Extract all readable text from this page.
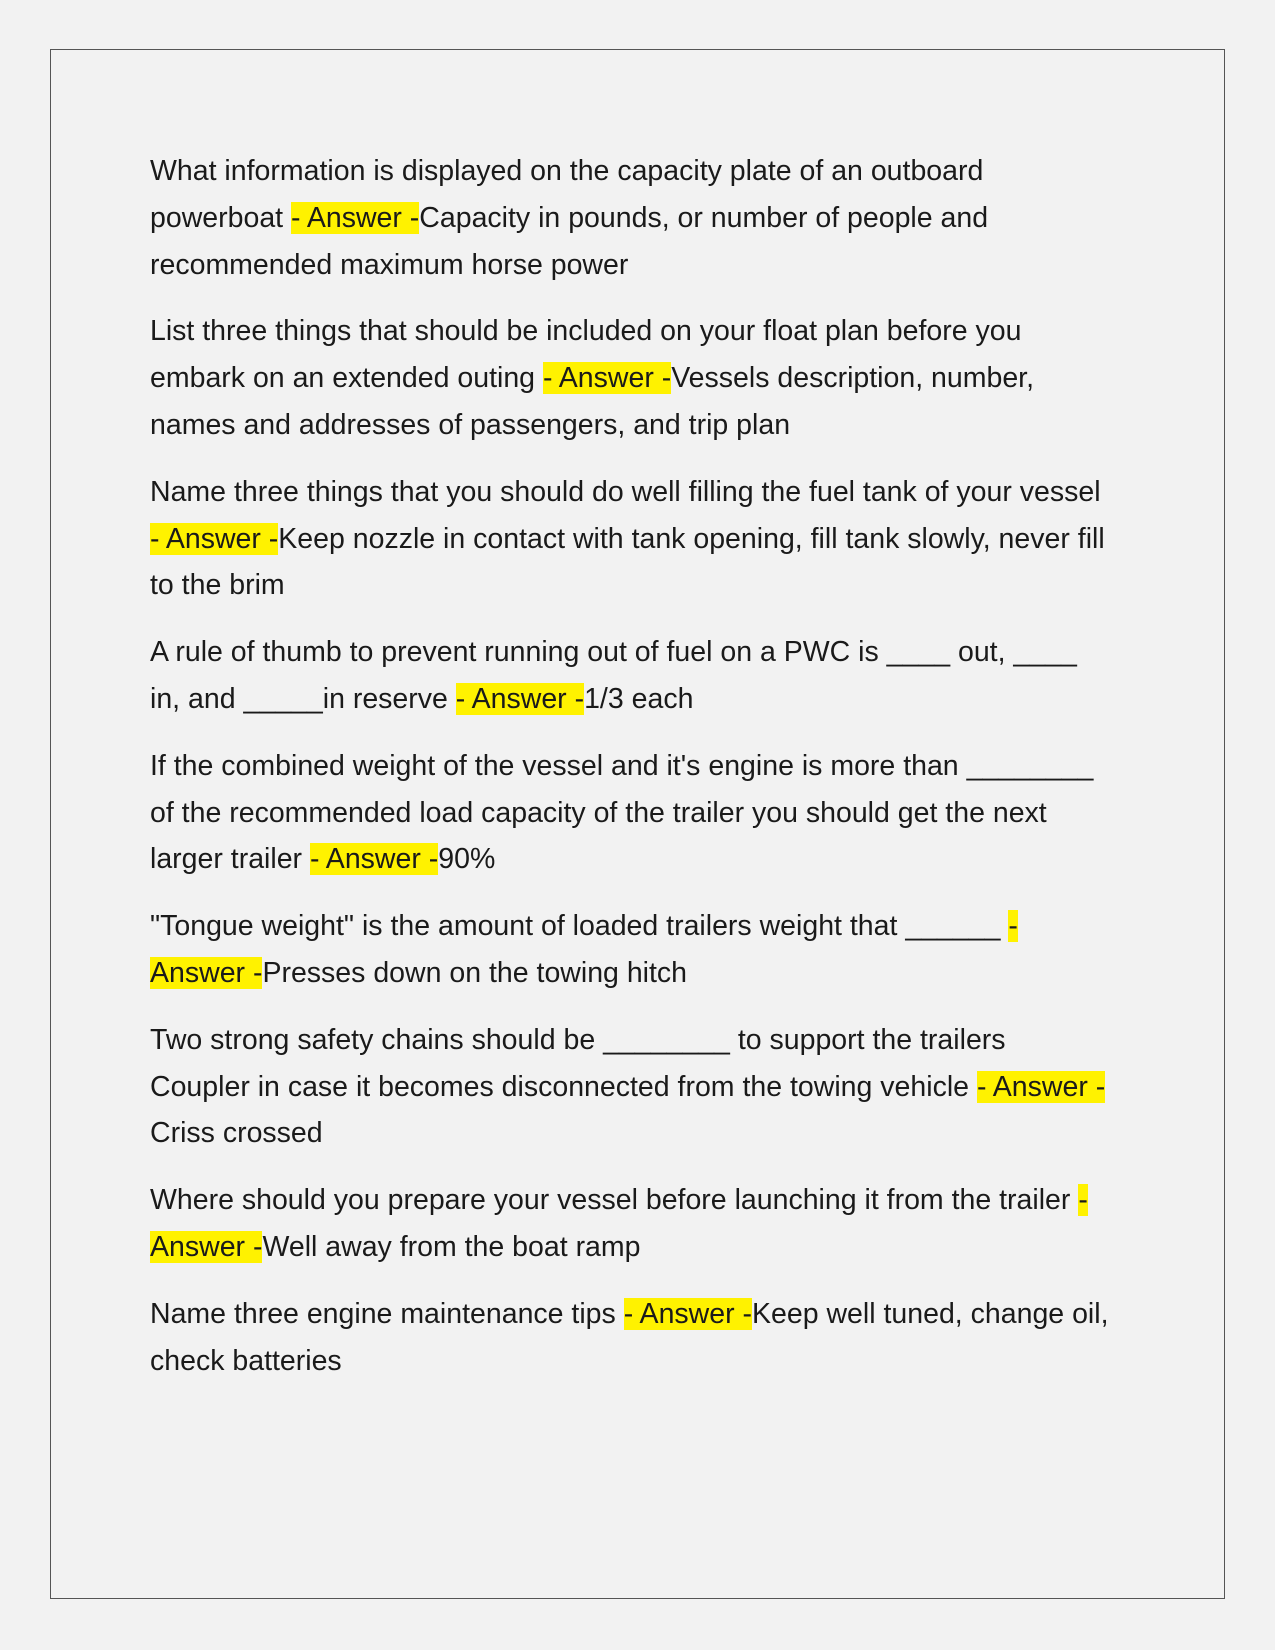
What information is displayed on the capacity plate of an outboard powerboat - Answer -Capacity in pounds, or number of people and recommended maximum horse power

List three things that should be included on your float plan before you embark on an extended outing - Answer -Vessels description, number, names and addresses of passengers, and trip plan

Name three things that you should do well filling the fuel tank of your vessel - Answer -Keep nozzle in contact with tank opening, fill tank slowly, never fill to the brim

A rule of thumb to prevent running out of fuel on a PWC is ____ out, ____ in, and _____in reserve - Answer -1/3 each

If the combined weight of the vessel and it's engine is more than ________ of the recommended load capacity of the trailer you should get the next larger trailer - Answer -90%

"Tongue weight" is the amount of loaded trailers weight that ______ - Answer -Presses down on the towing hitch

Two strong safety chains should be ________ to support the trailers Coupler in case it becomes disconnected from the towing vehicle - Answer -Criss crossed

Where should you prepare your vessel before launching it from the trailer - Answer -Well away from the boat ramp

Name three engine maintenance tips - Answer -Keep well tuned, change oil, check batteries
